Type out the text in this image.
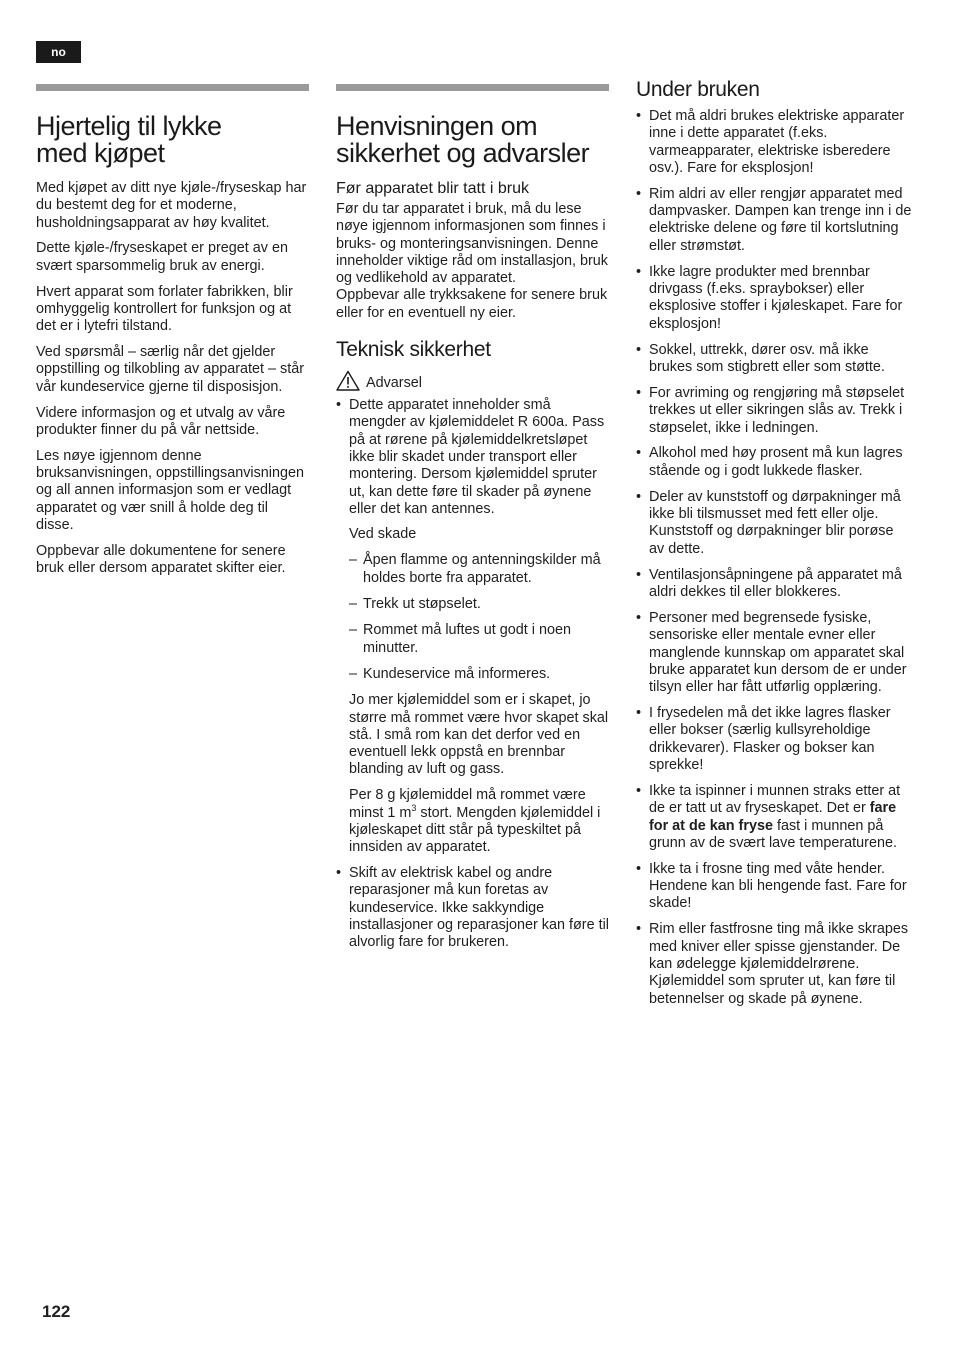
no
Hjertelig til lykke
med kjøpet

Med kjøpet av ditt nye kjøle-/fryseskap har du bestemt deg for et moderne, husholdningsapparat av høy kvalitet.

Dette kjøle-/fryseskapet er preget av en svært sparsommelig bruk av energi.

Hvert apparat som forlater fabrikken, blir omhyggelig kontrollert for funksjon og at det er i lytefri tilstand.

Ved spørsmål – særlig når det gjelder oppstilling og tilkobling av apparatet – står vår kundeservice gjerne til disposisjon.

Videre informasjon og et utvalg av våre produkter finner du på vår nettside.

Les nøye igjennom denne bruksanvisningen, oppstillingsanvisningen og all annen informasjon som er vedlagt apparatet og vær snill å holde deg til disse.

Oppbevar alle dokumentene for senere bruk eller dersom apparatet skifter eier.

Henvisningen om
sikkerhet og advarsler
Før apparatet blir tatt i bruk

Før du tar apparatet i bruk, må du lese nøye igjennom informasjonen som finnes i bruks- og monteringsanvisningen. Denne inneholder viktige råd om installasjon, bruk og vedlikehold av apparatet.

Oppbevar alle trykksakene for senere bruk eller for en eventuell ny eier.

Teknisk sikkerhet
Advarsel
• Dette apparatet inneholder små mengder av kjølemiddelet R 600a. Pass på at rørene på kjølemiddelkretsløpet ikke blir skadet under transport eller montering. Dersom kjølemiddel spruter ut, kan dette føre til skader på øynene eller det kan antennes.
Ved skade
– Åpen flamme og antenningskilder må holdes borte fra apparatet.
– Trekk ut støpselet.
– Rommet må luftes ut godt i noen minutter.
– Kundeservice må informeres.

Jo mer kjølemiddel som er i skapet, jo større må rommet være hvor skapet skal stå. I små rom kan det derfor ved en eventuell lekk oppstå en brennbar blanding av luft og gass.

Per 8 g kjølemiddel må rommet være minst 1 $m^3$ stort. Mengden kjølemiddel i kjøleskapet ditt står på typeskiltet på innsiden av apparatet.

• Skift av elektrisk kabel og andre reparasjoner må kun foretas av kundeservice. Ikke sakkyndige installasjoner og reparasjoner kan føre til alvorlig fare for brukeren.
Under bruken
• Det må aldri brukes elektriske apparater inne i dette apparatet (f.eks. varmeapparater, elektriske isberedere osv.). Fare for eksplosjon!
• Rim aldri av eller rengjør apparatet med dampvasker. Dampen kan trenge inn i de elektriske delene og føre til kortslutning eller strømstøt.
• Ikke lagre produkter med brennbar drivgass (f.eks. spraybokser) eller eksplosive stoffer i kjøleskapet. Fare for eksplosjon!
• Sokkel, uttrekk, dører osv. må ikke brukes som stigbrett eller som støtte.
• For avriming og rengjøring må støpselet trekkes ut eller sikringen slås av. Trekk i støpselet, ikke i ledningen.
• Alkohol med høy prosent må kun lagres stående og i godt lukkede flasker.
• Deler av kunststoff og dørpakninger må ikke bli tilsmusset med fett eller olje. Kunststoff og dørpakninger blir porøse av dette.
• Ventilasjonsåpningene på apparatet må aldri dekkes til eller blokkeres.
• Personer med begrensede fysiske, sensoriske eller mentale evner eller manglende kunnskap om apparatet skal bruke apparatet kun dersom de er under tilsyn eller har fått utførlig opplæring.
• I frysedelen må det ikke lagres flasker eller bokser (særlig kullsyreholdige drikkevarer). Flasker og bokser kan sprekke!
• Ikke ta ispinner i munnen straks etter at de er tatt ut av fryseskapet. Det er fare for at de kan fryse fast i munnen på grunn av de svært lave temperaturene.
• Ikke ta i frosne ting med våte hender. Hendene kan bli hengende fast. Fare for skade!
• Rim eller fastfrosne ting må ikke skrapes med kniver eller spisse gjenstander. De kan ødelegge kjølemiddelrørene. Kjølemiddel som spruter ut, kan føre til betennelser og skade på øynene.
122
